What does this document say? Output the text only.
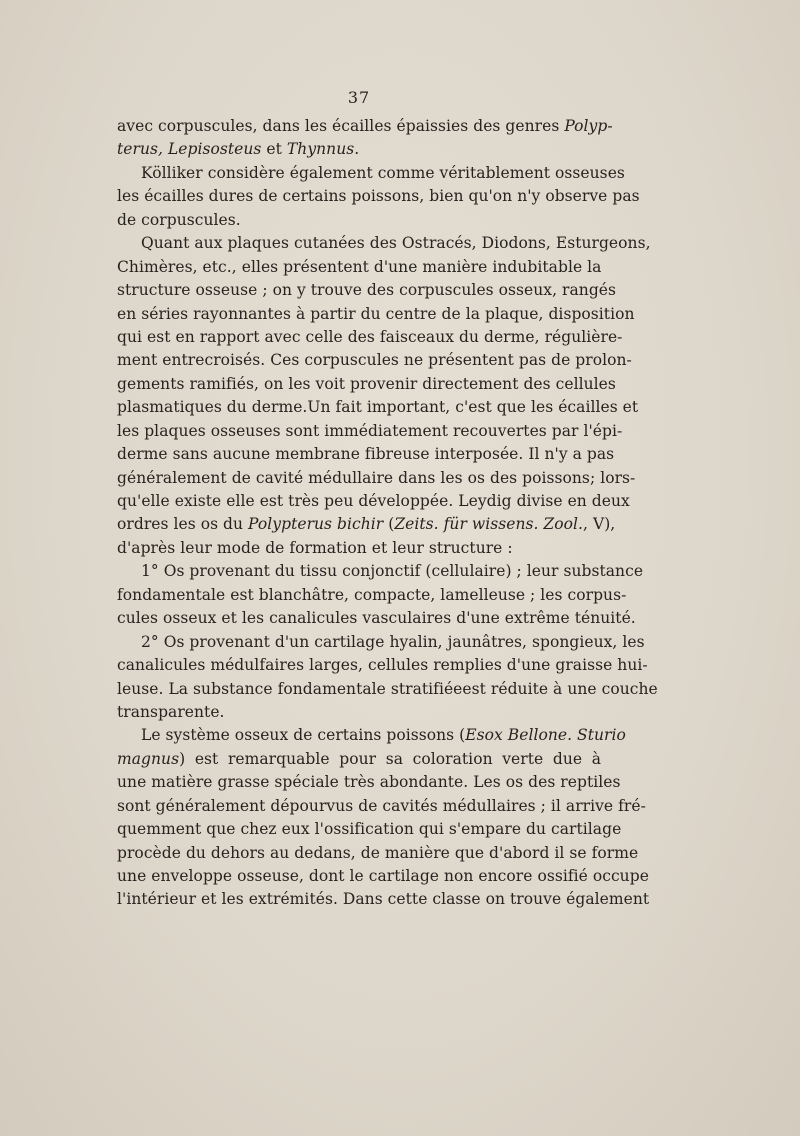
37
avec corpuscules, dans les écailles épaissies des genres Polyp-
terus, Lepisosteus et Thynnus.
Kölliker considère également comme véritablement osseuses
les écailles dures de certains poissons, bien qu'on n'y observe pas
de corpuscules.
Quant aux plaques cutanées des Ostracés, Diodons, Esturgeons,
Chimères, etc., elles présentent d'une manière indubitable la
structure osseuse ; on y trouve des corpuscules osseux, rangés
en séries rayonnantes à partir du centre de la plaque, disposition
qui est en rapport avec celle des faisceaux du derme, régulière-
ment entrecroisés. Ces corpuscules ne présentent pas de prolon-
gements ramifiés, on les voit provenir directement des cellules
plasmatiques du derme.Un fait important, c'est que les écailles et
les plaques osseuses sont immédiatement recouvertes par l'épi-
derme sans aucune membrane fibreuse interposée. Il n'y a pas
généralement de cavité médullaire dans les os des poissons; lors-
qu'elle existe elle est très peu développée. Leydig divise en deux
ordres les os du Polypterus bichir (Zeits. für wissens. Zool., V),
d'après leur mode de formation et leur structure :
1° Os provenant du tissu conjonctif (cellulaire) ; leur substance
fondamentale est blanchâtre, compacte, lamelleuse ; les corpus-
cules osseux et les canalicules vasculaires d'une extrême ténuité.
2° Os provenant d'un cartilage hyalin, jaunâtres, spongieux, les
canalicules médulfaires larges, cellules remplies d'une graisse hui-
leuse. La substance fondamentale stratifiéeest réduite à une couche
transparente.
Le système osseux de certains poissons (Esox Bellone. Sturio
magnus) est remarquable pour sa coloration verte due à
une matière grasse spéciale très abondante. Les os des reptiles
sont généralement dépourvus de cavités médullaires ; il arrive fré-
quemment que chez eux l'ossification qui s'empare du cartilage
procède du dehors au dedans, de manière que d'abord il se forme
une enveloppe osseuse, dont le cartilage non encore ossifié occupe
l'intérieur et les extrémités. Dans cette classe on trouve également
